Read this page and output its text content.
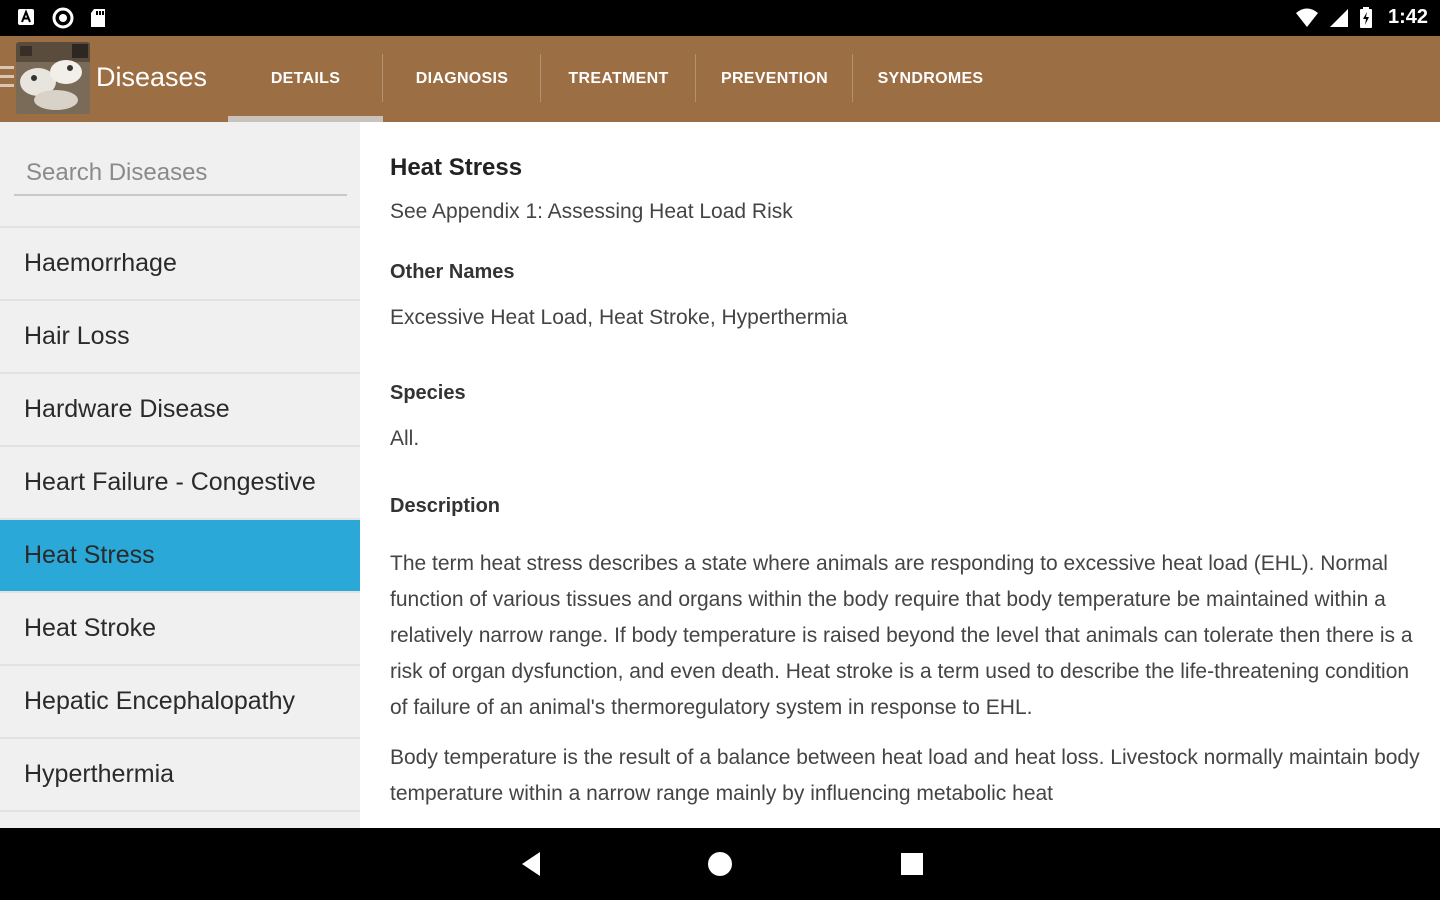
1:42
Diseases	DETAILS	DIAGNOSIS	TREATMENT	PREVENTION	SYNDROMES
Search Diseases
Haemorrhage
Hair Loss
Hardware Disease
Heart Failure - Congestive
Heat Stress
Heat Stroke
Hepatic Encephalopathy
Hyperthermia
Heat Stress
See Appendix 1: Assessing Heat Load Risk
Other Names
Excessive Heat Load, Heat Stroke, Hyperthermia
Species
All.
Description

The term heat stress describes a state where animals are responding to excessive heat load (EHL). Normal function of various tissues and organs within the body require that body temperature be maintained within a relatively narrow range. If body temperature is raised beyond the level that animals can tolerate then there is a risk of organ dysfunction, and even death. Heat stroke is a term used to describe the life-threatening condition of failure of an animal's thermoregulatory system in response to EHL.

Body temperature is the result of a balance between heat load and heat loss. Livestock normally maintain body temperature within a narrow range mainly by influencing metabolic heat
